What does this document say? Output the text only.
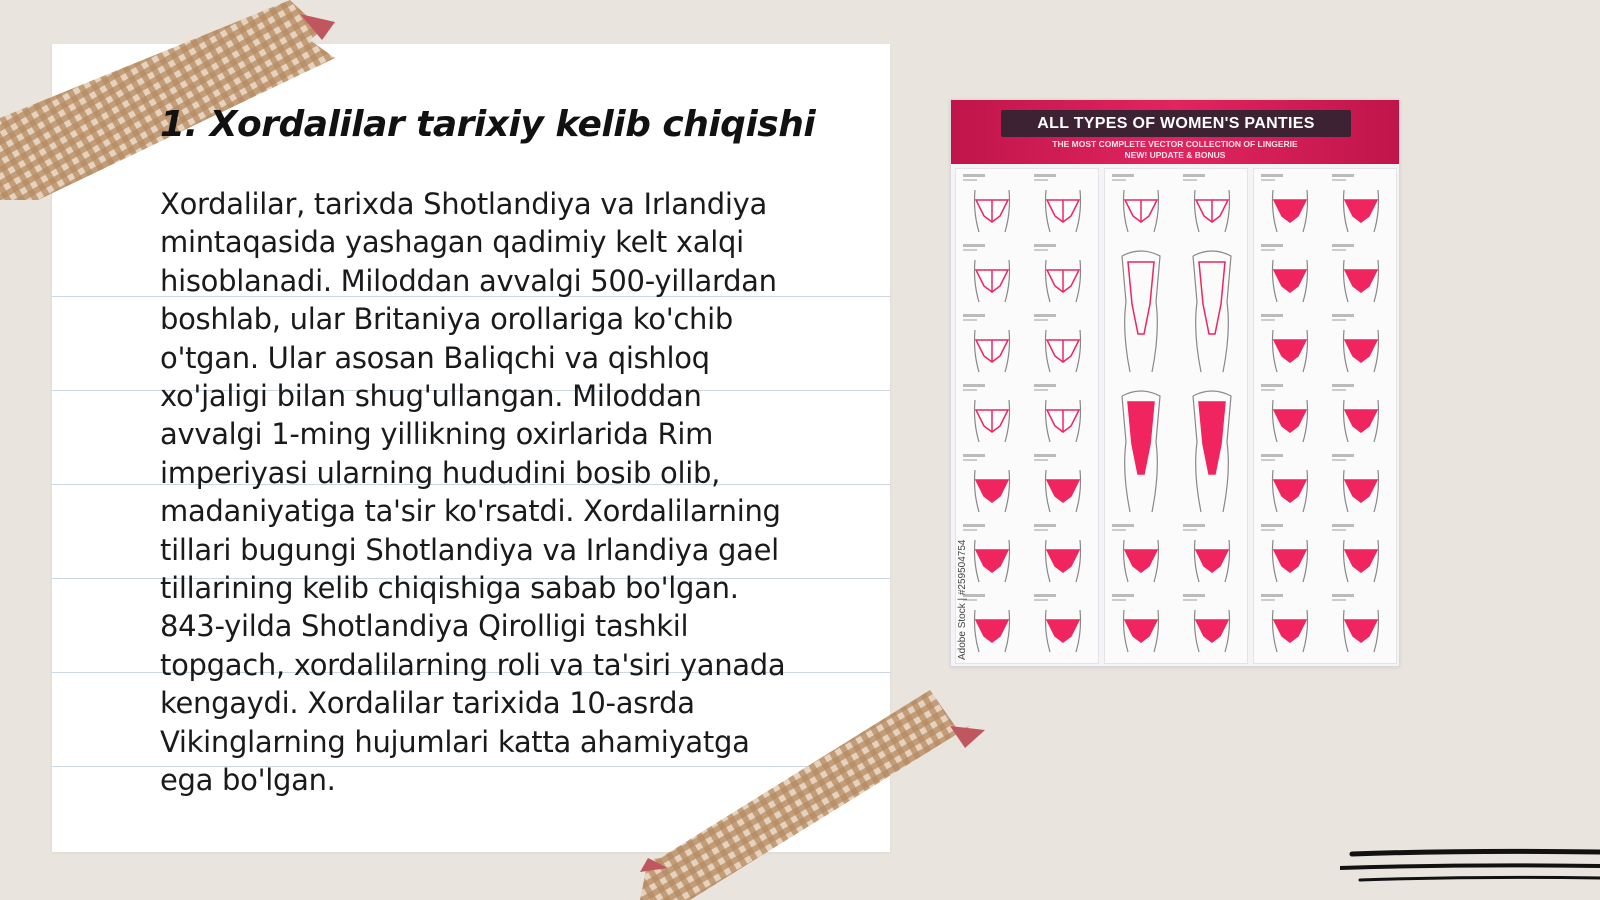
1. Xordalilar tarixiy kelib chiqishi
Xordalilar, tarixda Shotlandiya va Irlandiya
mintaqasida yashagan qadimiy kelt xalqi
hisoblanadi. Miloddan avvalgi 500-yillardan
boshlab, ular Britaniya orollariga ko'chib
o'tgan. Ular asosan Baliqchi va qishloq
xo'jaligi bilan shug'ullangan. Miloddan
avvalgi 1-ming yillikning oxirlarida Rim
imperiyasi ularning hududini bosib olib,
madaniyatiga ta'sir ko'rsatdi. Xordalilarning
tillari bugungi Shotlandiya va Irlandiya gael
tillarining kelib chiqishiga sabab bo'lgan.
843-yilda Shotlandiya Qirolligi tashkil
topgach, xordalilarning roli va ta'siri yanada
kengaydi. Xordalilar tarixida 10-asrda
Vikinglarning hujumlari katta ahamiyatga
ega bo'lgan.
ALL TYPES OF WOMEN'S PANTIES
THE MOST COMPLETE VECTOR COLLECTION OF LINGERIE
NEW! UPDATE & BONUS
Adobe Stock | #259504754
